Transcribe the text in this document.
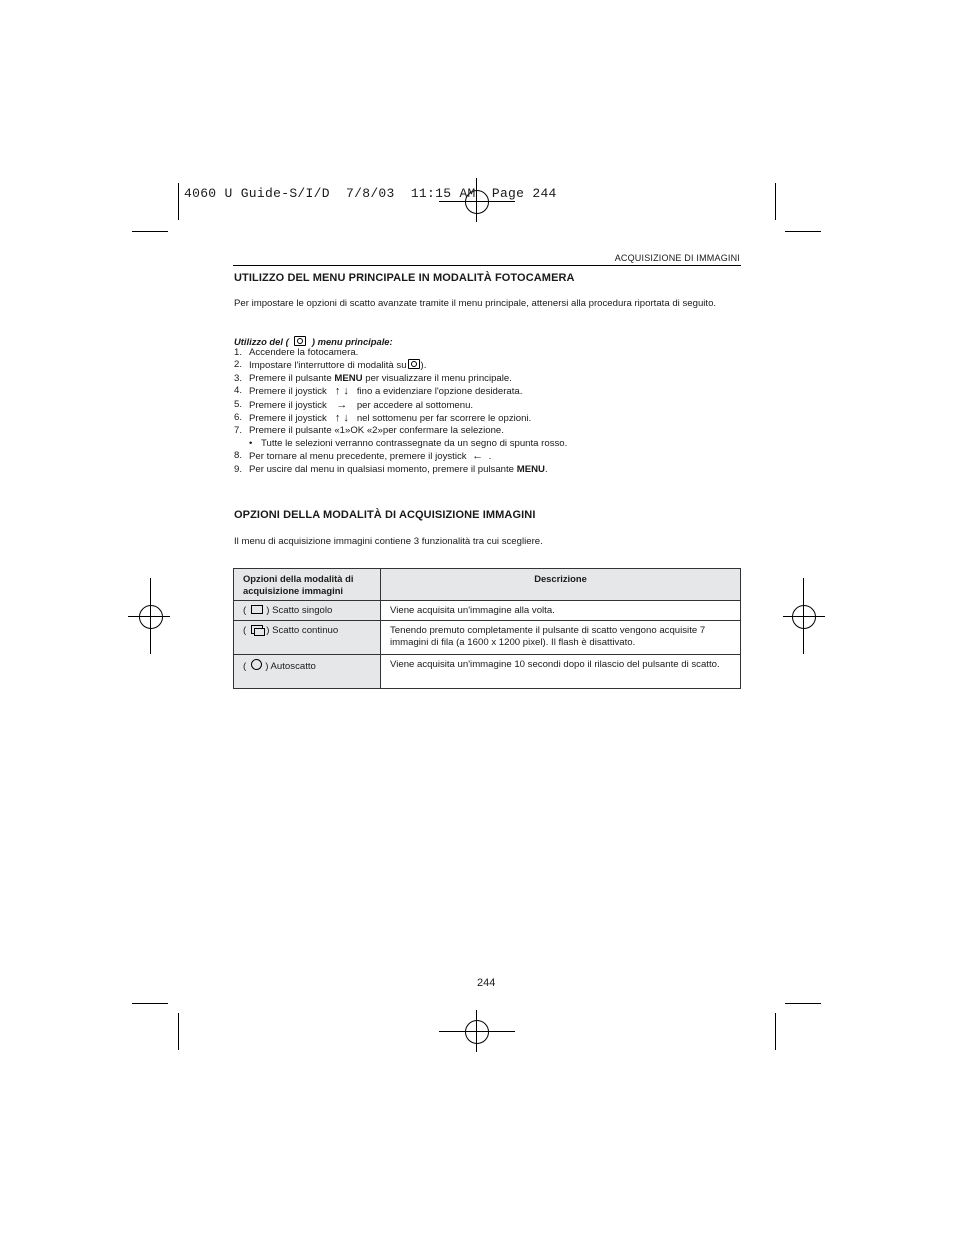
4060 U Guide-S/I/D  7/8/03  11:15 AM  Page 244
ACQUISIZIONE DI IMMAGINI
UTILIZZO DEL MENU PRINCIPALE IN MODALITÀ FOTOCAMERA

Per impostare le opzioni di scatto avanzate tramite il menu principale, attenersi alla procedura riportata di seguito.

Utilizzo del ( ) menu principale:

1. Accendere la fotocamera.
2. Impostare l'interruttore di modalità su ).
3. Premere il pulsante MENU per visualizzare il menu principale.
4. Premere il joystick ↑ ↓ fino a evidenziare l'opzione desiderata.
5. Premere il joystick → per accedere al sottomenu.
6. Premere il joystick ↑ ↓ nel sottomenu per far scorrere le opzioni.
7. Premere il pulsante «1»OK «2»per confermare la selezione.
• Tutte le selezioni verranno contrassegnate da un segno di spunta rosso.
8. Per tornare al menu precedente, premere il joystick ← .
9. Per uscire dal menu in qualsiasi momento, premere il pulsante MENU.
OPZIONI DELLA MODALITÀ DI ACQUISIZIONE IMMAGINI

Il menu di acquisizione immagini contiene 3 funzionalità tra cui scegliere.

Opzioni della modalità di acquisizione immagini	Descrizione
( ) Scatto singolo	Viene acquisita un'immagine alla volta.
( ) Scatto continuo	Tenendo premuto completamente il pulsante di scatto vengono acquisite 7 immagini di fila (a 1600 x 1200 pixel). Il flash è disattivato.
( ) Autoscatto	Viene acquisita un'immagine 10 secondi dopo il rilascio del pulsante di scatto.
244
